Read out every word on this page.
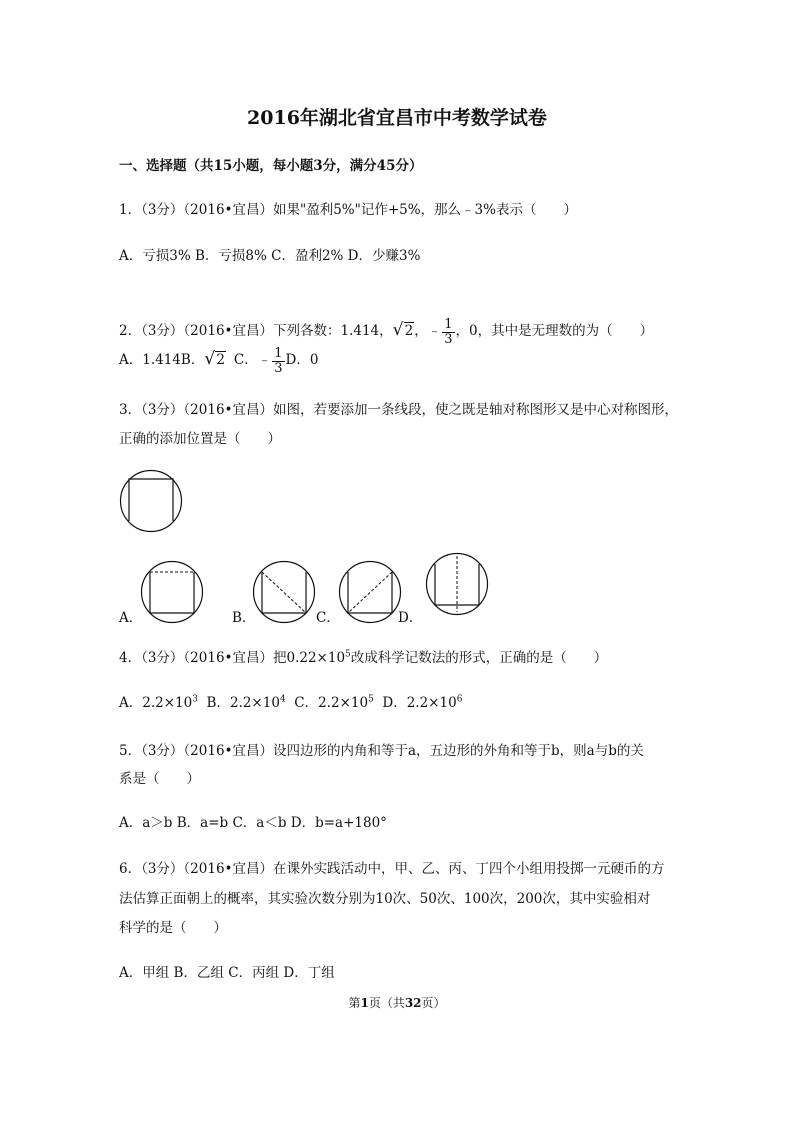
2016年湖北省宜昌市中考数学试卷
一、选择题（共15小题，每小题3分，满分45分）
1．（3分）（2016•宜昌）如果"盈利5%"记作+5%，那么﹣3%表示（　　）
A．亏损3% B．亏损8% C．盈利2% D．少赚3%
2．（3分）（2016•宜昌）下列各数：1.414， √ 2 ，﹣ $\frac{1}{3}$ ，0，其中是无理数的为（　　）
A．1.414B． √ 2 C．﹣ $\frac{1}{3}$ D．0
3．（3分）（2016•宜昌）如图，若要添加一条线段，使之既是轴对称图形又是中心对称图形，
正确的添加位置是（　　）
A．	B．	C．	D．
4．（3分）（2016•宜昌）把$0.22\times 10^5$改成科学记数法的形式，正确的是（　　）
A．$2.2\times 10^3$ B．$2.2\times 10^4$ C．$2.2\times 10^5$ D．$2.2\times 10^6$
5．（3分）（2016•宜昌）设四边形的内角和等于a，五边形的外角和等于b，则a与b的关
系是（　　）
A．a＞b B．a=b C．a＜b D．b=a+180°
6．（3分）（2016•宜昌）在课外实践活动中，甲、乙、丙、丁四个小组用投掷一元硬币的方
法估算正面朝上的概率，其实验次数分别为10次、50次、100次，200次，其中实验相对
科学的是（　　）
A．甲组 B．乙组 C．丙组 D．丁组
第1页（共32页）
